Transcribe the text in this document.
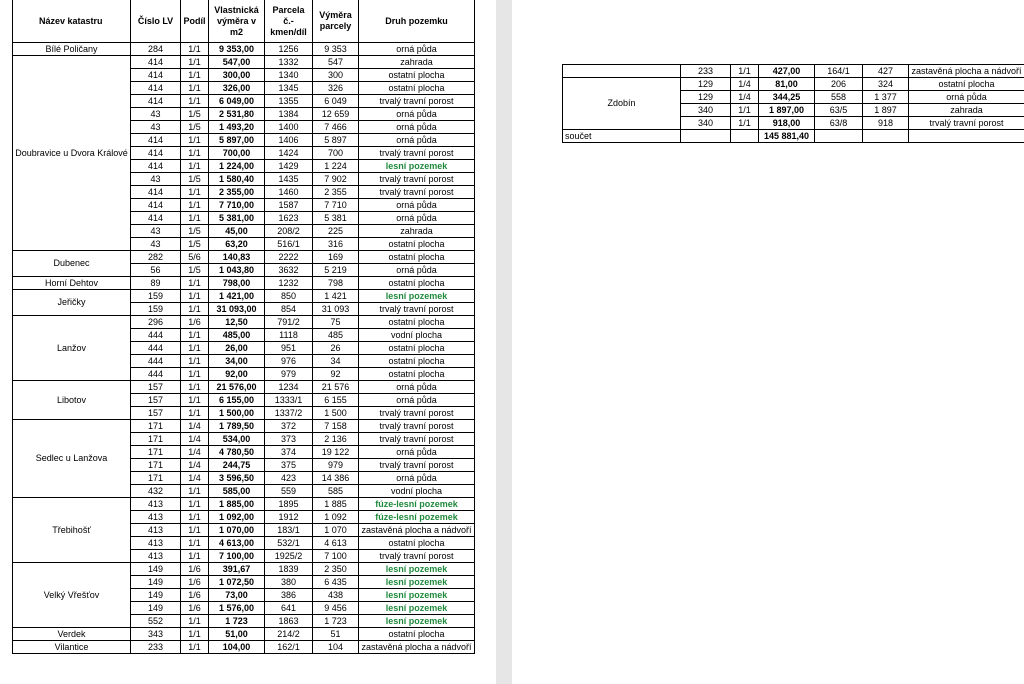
Název katastru	Číslo LV	Podíl	Vlastnická výměra v m2	Parcela č.-kmen/díl	Výměra parcely	Druh pozemku
Bílé Poličany	284	1/1	9 353,00	1256	9 353	orná půda
Doubravice u Dvora Králové	414	1/1	547,00	1332	547	zahrada
	414	1/1	300,00	1340	300	ostatní plocha
	414	1/1	326,00	1345	326	ostatní plocha
	414	1/1	6 049,00	1355	6 049	trvalý travní porost
	43	1/5	2 531,80	1384	12 659	orná půda
	43	1/5	1 493,20	1400	7 466	orná půda
	414	1/1	5 897,00	1406	5 897	orná půda
	414	1/1	700,00	1424	700	trvalý travní porost
	414	1/1	1 224,00	1429	1 224	lesní pozemek
	43	1/5	1 580,40	1435	7 902	trvalý travní porost
	414	1/1	2 355,00	1460	2 355	trvalý travní porost
	414	1/1	7 710,00	1587	7 710	orná půda
	414	1/1	5 381,00	1623	5 381	orná půda
	43	1/5	45,00	208/2	225	zahrada
	43	1/5	63,20	516/1	316	ostatní plocha
Dubenec	282	5/6	140,83	2222	169	ostatní plocha
	56	1/5	1 043,80	3632	5 219	orná půda
Horní Dehtov	89	1/1	798,00	1232	798	ostatní plocha
Jeřičky	159	1/1	1 421,00	850	1 421	lesní pozemek
	159	1/1	31 093,00	854	31 093	trvalý travní porost
Lanžov	296	1/6	12,50	791/2	75	ostatní plocha
	444	1/1	485,00	1118	485	vodní plocha
	444	1/1	26,00	951	26	ostatní plocha
	444	1/1	34,00	976	34	ostatní plocha
	444	1/1	92,00	979	92	ostatní plocha
Libotov	157	1/1	21 576,00	1234	21 576	orná půda
	157	1/1	6 155,00	1333/1	6 155	orná půda
	157	1/1	1 500,00	1337/2	1 500	trvalý travní porost
Sedlec u Lanžova	171	1/4	1 789,50	372	7 158	trvalý travní porost
	171	1/4	534,00	373	2 136	trvalý travní porost
	171	1/4	4 780,50	374	19 122	orná půda
	171	1/4	244,75	375	979	trvalý travní porost
	171	1/4	3 596,50	423	14 386	orná půda
	432	1/1	585,00	559	585	vodní plocha
Třebihošť	413	1/1	1 885,00	1895	1 885	fúze-lesní pozemek
	413	1/1	1 092,00	1912	1 092	fúze-lesní pozemek
	413	1/1	1 070,00	183/1	1 070	zastavěná plocha a nádvoří
	413	1/1	4 613,00	532/1	4 613	ostatní plocha
	413	1/1	7 100,00	1925/2	7 100	trvalý travní porost
Velký Vřešťov	149	1/6	391,67	1839	2 350	lesní pozemek
	149	1/6	1 072,50	380	6 435	lesní pozemek
	149	1/6	73,00	386	438	lesní pozemek
	149	1/6	1 576,00	641	9 456	lesní pozemek
	552	1/1	1 723	1863	1 723	lesní pozemek
Verdek	343	1/1	51,00	214/2	51	ostatní plocha
Vilantice	233	1/1	104,00	162/1	104	zastavěná plocha a nádvoří
	233	1/1	427,00	164/1	427	zastavěná plocha a nádvoří
Zdobín	129	1/4	81,00	206	324	ostatní plocha
	129	1/4	344,25	558	1 377	orná půda
	340	1/1	1 897,00	63/5	1 897	zahrada
	340	1/1	918,00	63/8	918	trvalý travní porost
součet			145 881,40			
